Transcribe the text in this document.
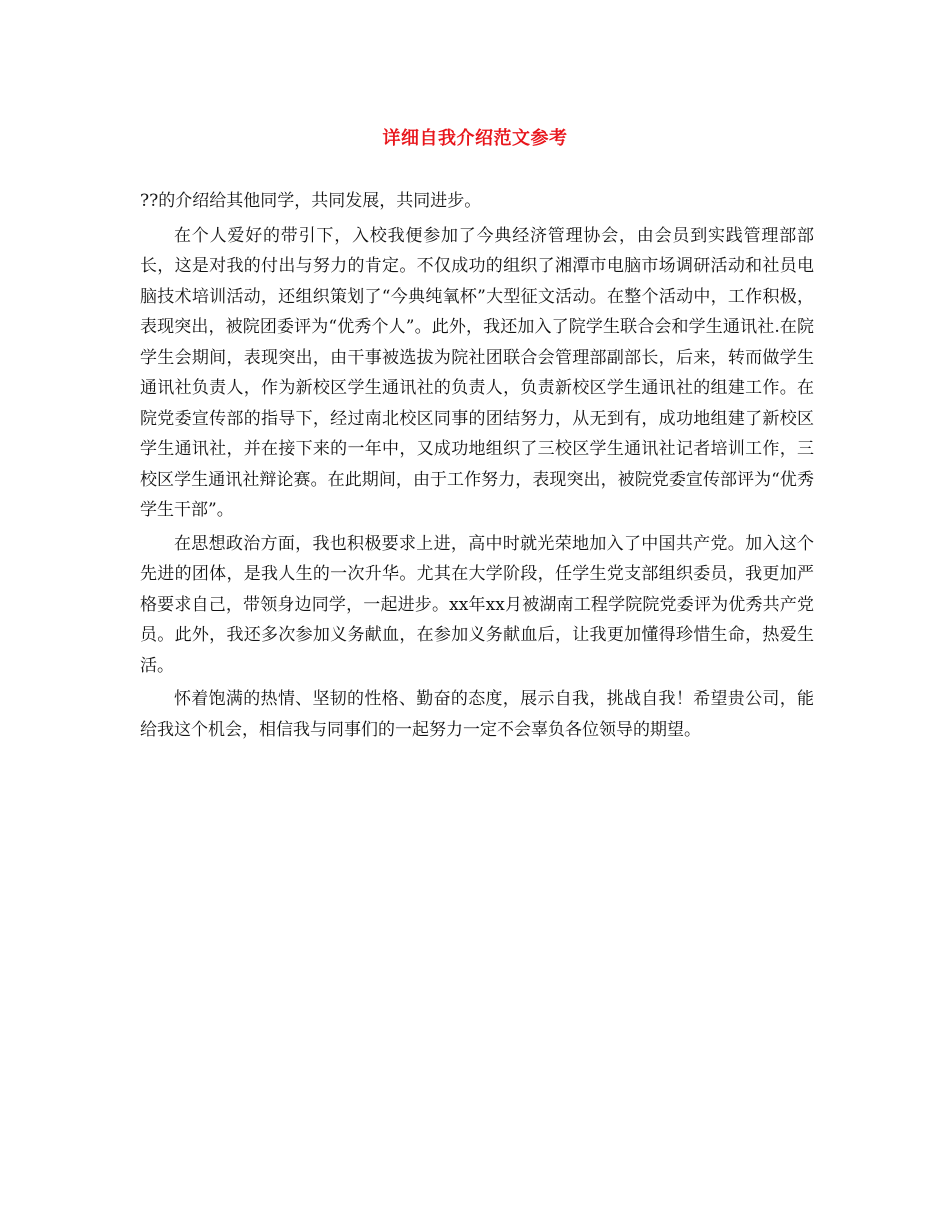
详细自我介绍范文参考

??的介绍给其他同学，共同发展，共同进步。

在个人爱好的带引下，入校我便参加了今典经济管理协会，由会员到实践管理部部长，这是对我的付出与努力的肯定。不仅成功的组织了湘潭市电脑市场调研活动和社员电脑技术培训活动，还组织策划了“今典纯氧杯”大型征文活动。在整个活动中，工作积极，表现突出，被院团委评为“优秀个人”。此外，我还加入了院学生联合会和学生通讯社.在院学生会期间，表现突出，由干事被选拔为院社团联合会管理部副部长，后来，转而做学生通讯社负责人，作为新校区学生通讯社的负责人，负责新校区学生通讯社的组建工作。在院党委宣传部的指导下，经过南北校区同事的团结努力，从无到有，成功地组建了新校区学生通讯社，并在接下来的一年中，又成功地组织了三校区学生通讯社记者培训工作，三校区学生通讯社辩论赛。在此期间，由于工作努力，表现突出，被院党委宣传部评为“优秀学生干部”。

在思想政治方面，我也积极要求上进，高中时就光荣地加入了中国共产党。加入这个先进的团体，是我人生的一次升华。尤其在大学阶段，任学生党支部组织委员，我更加严格要求自己，带领身边同学，一起进步。xx年xx月被湖南工程学院院党委评为优秀共产党员。此外，我还多次参加义务献血，在参加义务献血后，让我更加懂得珍惜生命，热爱生活。

怀着饱满的热情、坚韧的性格、勤奋的态度，展示自我，挑战自我！希望贵公司，能给我这个机会，相信我与同事们的一起努力一定不会辜负各位领导的期望。
